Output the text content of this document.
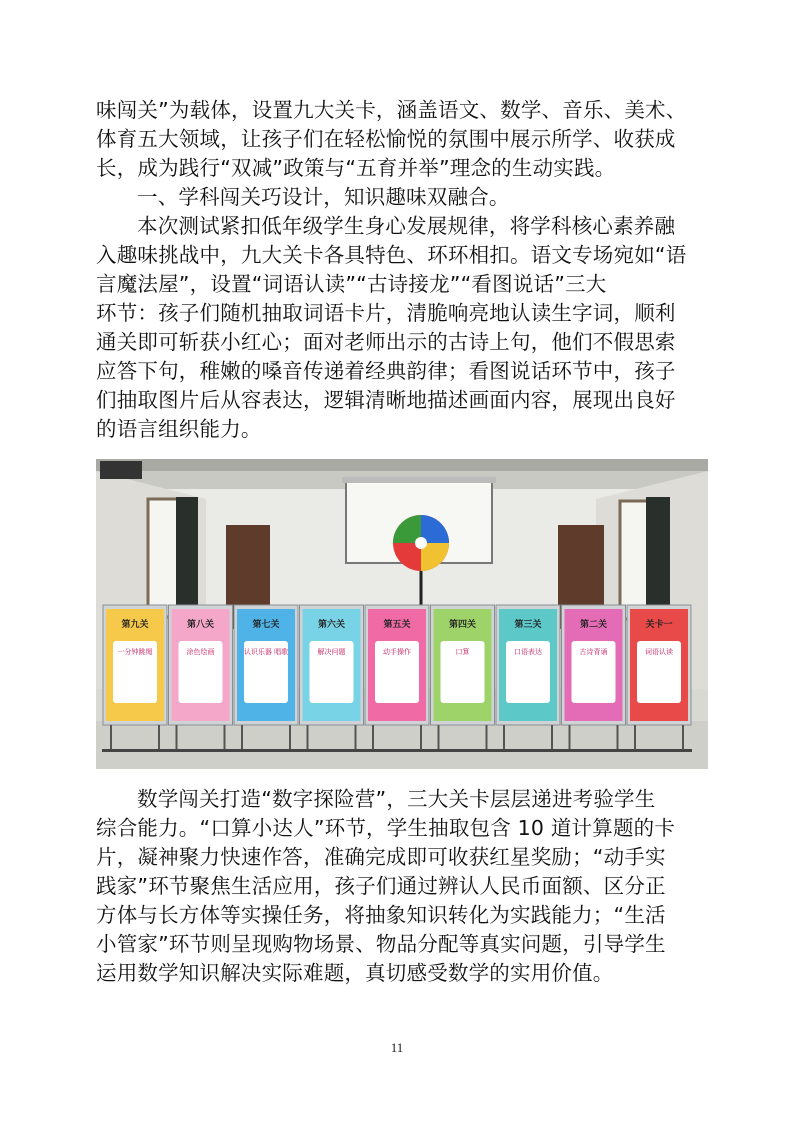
味闯关”为载体，设置九大关卡，涵盖语文、数学、音乐、美术、
体育五大领域，让孩子们在轻松愉悦的氛围中展示所学、收获成
长，成为践行“双减”政策与“五育并举”理念的生动实践。
一、学科闯关巧设计，知识趣味双融合。
本次测试紧扣低年级学生身心发展规律，将学科核心素养融
入趣味挑战中，九大关卡各具特色、环环相扣。语文专场宛如“语
言魔法屋”，设置“词语认读”“古诗接龙”“看图说话”三大
环节：孩子们随机抽取词语卡片，清脆响亮地认读生字词，顺利
通关即可斩获小红心；面对老师出示的古诗上句，他们不假思索
应答下句，稚嫩的嗓音传递着经典韵律；看图说话环节中，孩子
们抽取图片后从容表达，逻辑清晰地描述画面内容，展现出良好
的语言组织能力。
第九关
一分钟跳绳
第八关
涂色绘画
第七关
认识乐器 唱歌
第六关
解决问题
第五关
动手操作
第四关
口算
第三关
口语表达
第二关
古诗背诵
关卡一
词语认读
数学闯关打造“数字探险营”，三大关卡层层递进考验学生
综合能力。“口算小达人”环节，学生抽取包含 10 道计算题的卡
片，凝神聚力快速作答，准确完成即可收获红星奖励；“动手实
践家”环节聚焦生活应用，孩子们通过辨认人民币面额、区分正
方体与长方体等实操任务，将抽象知识转化为实践能力；“生活
小管家”环节则呈现购物场景、物品分配等真实问题，引导学生
运用数学知识解决实际难题，真切感受数学的实用价值。
11
